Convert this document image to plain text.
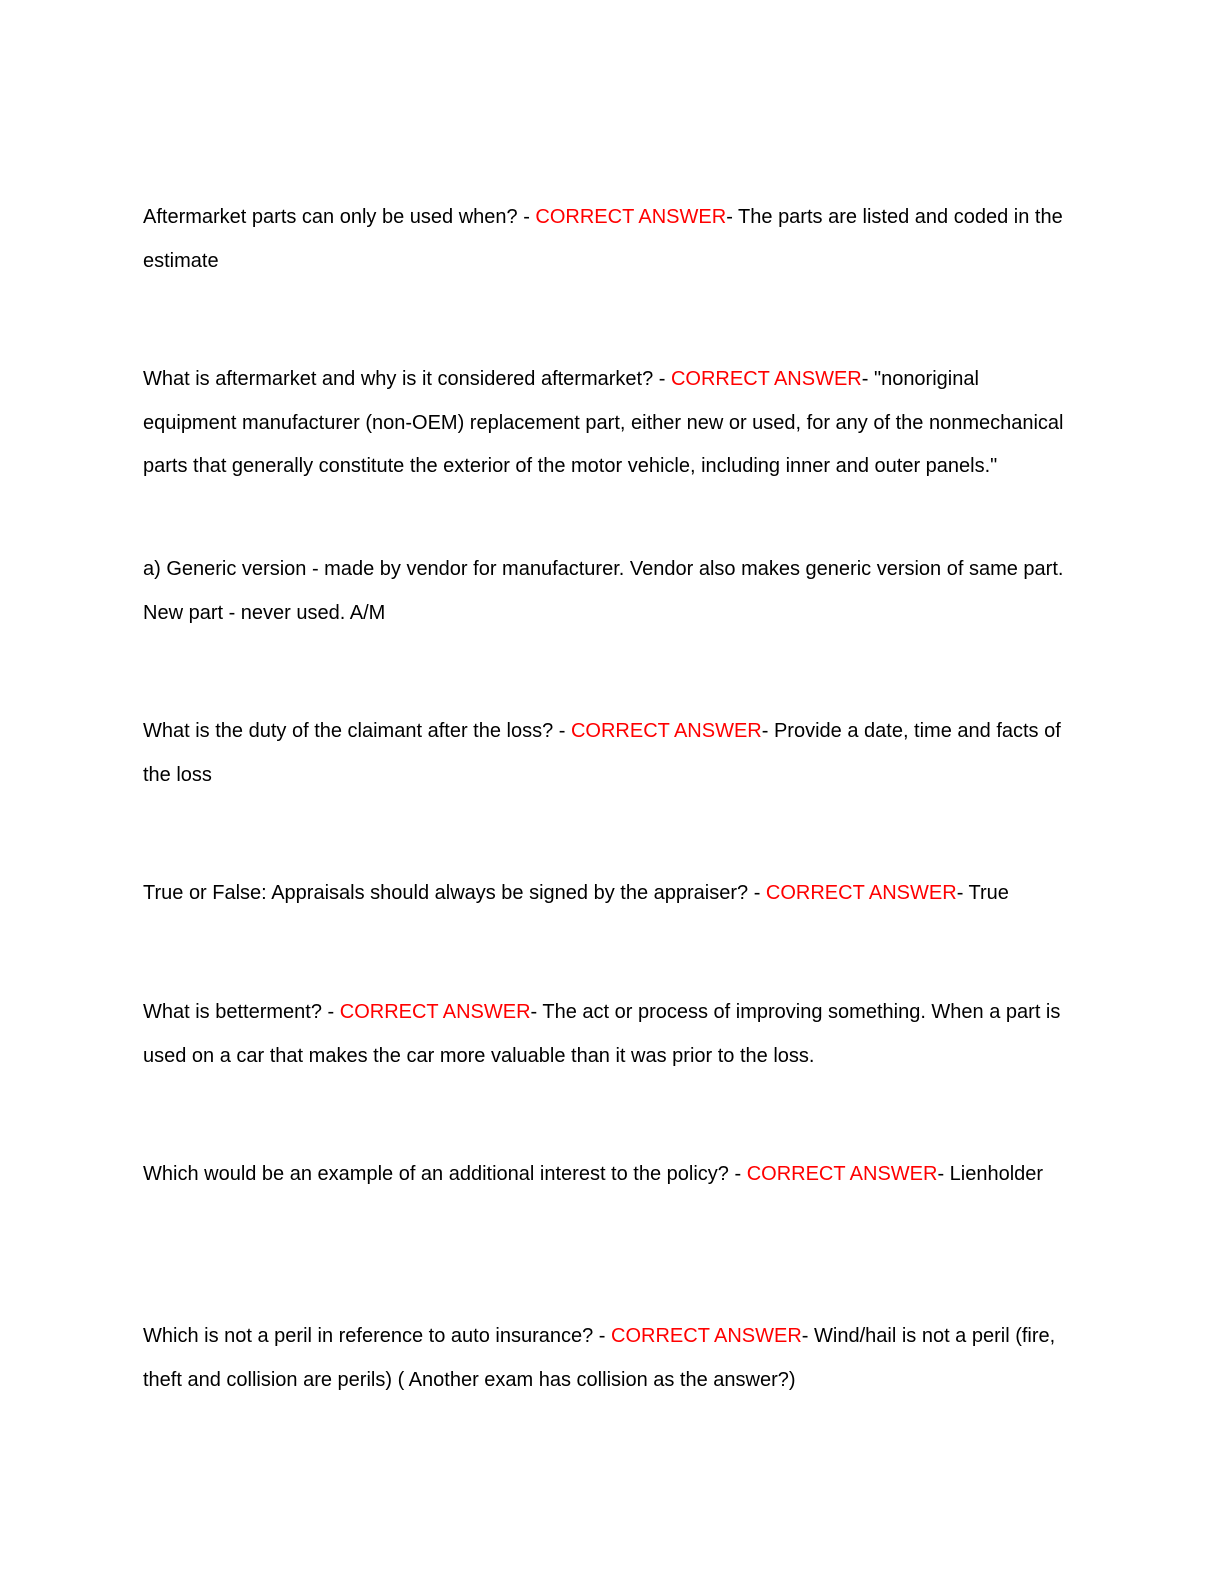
Aftermarket parts can only be used when? - CORRECT ANSWER- The parts are listed and coded in the estimate

What is aftermarket and why is it considered aftermarket? - CORRECT ANSWER- "nonoriginal equipment manufacturer (non-OEM) replacement part, either new or used, for any of the nonmechanical parts that generally constitute the exterior of the motor vehicle, including inner and outer panels."

a) Generic version - made by vendor for manufacturer. Vendor also makes generic version of same part. New part - never used. A/M

What is the duty of the claimant after the loss? - CORRECT ANSWER- Provide a date, time and facts of the loss

True or False: Appraisals should always be signed by the appraiser? - CORRECT ANSWER- True

What is betterment? - CORRECT ANSWER- The act or process of improving something. When a part is used on a car that makes the car more valuable than it was prior to the loss.

Which would be an example of an additional interest to the policy? - CORRECT ANSWER- Lienholder

Which is not a peril in reference to auto insurance? - CORRECT ANSWER- Wind/hail is not a peril (fire, theft and collision are perils) ( Another exam has collision as the answer?)
